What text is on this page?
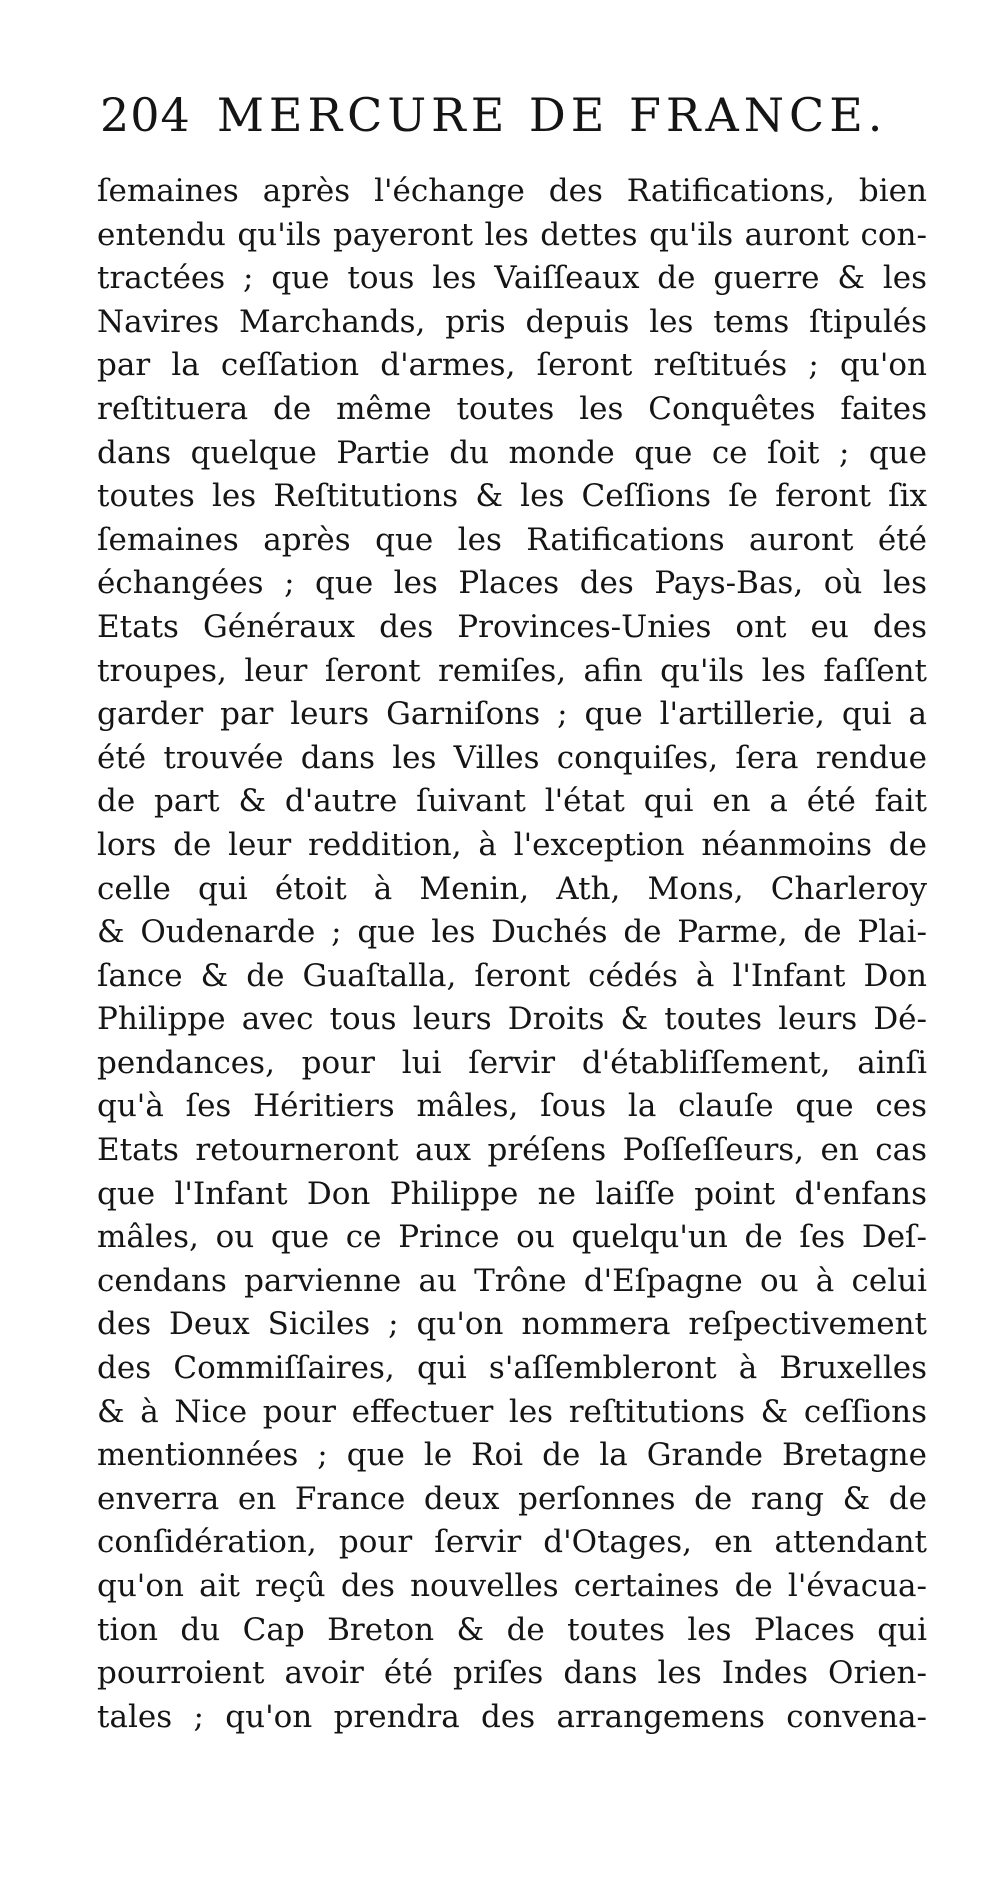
204 MERCURE DE FRANCE.
ſemaines après l'échange des Ratifications, bien
entendu qu'ils payeront les dettes qu'ils auront con-
tractées ; que tous les Vaiſſeaux de guerre & les
Navires Marchands, pris depuis les tems ſtipulés
par la ceſſation d'armes, ſeront reſtitués ; qu'on
reſtituera de même toutes les Conquêtes faites
dans quelque Partie du monde que ce ſoit ; que
toutes les Reſtitutions & les Ceſſions ſe feront ſix
ſemaines après que les Ratifications auront été
échangées ; que les Places des Pays-Bas, où les
Etats Généraux des Provinces-Unies ont eu des
troupes, leur ſeront remiſes, afin qu'ils les faſſent
garder par leurs Garniſons ; que l'artillerie, qui a
été trouvée dans les Villes conquiſes, ſera rendue
de part & d'autre ſuivant l'état qui en a été fait
lors de leur reddition, à l'exception néanmoins de
celle qui étoit à Menin, Ath, Mons, Charleroy
& Oudenarde ; que les Duchés de Parme, de Plai-
ſance & de Guaſtalla, ſeront cédés à l'Infant Don
Philippe avec tous leurs Droits & toutes leurs Dé-
pendances, pour lui ſervir d'établiſſement, ainſi
qu'à ſes Héritiers mâles, ſous la clauſe que ces
Etats retourneront aux préſens Poſſeſſeurs, en cas
que l'Infant Don Philippe ne laiſſe point d'enfans
mâles, ou que ce Prince ou quelqu'un de ſes Deſ-
cendans parvienne au Trône d'Eſpagne ou à celui
des Deux Siciles ; qu'on nommera reſpectivement
des Commiſſaires, qui s'aſſembleront à Bruxelles
& à Nice pour effectuer les reſtitutions & ceſſions
mentionnées ; que le Roi de la Grande Bretagne
enverra en France deux perſonnes de rang & de
conſidération, pour ſervir d'Otages, en attendant
qu'on ait reçû des nouvelles certaines de l'évacua-
tion du Cap Breton & de toutes les Places qui
pourroient avoir été priſes dans les Indes Orien-
tales ; qu'on prendra des arrangemens convena-
